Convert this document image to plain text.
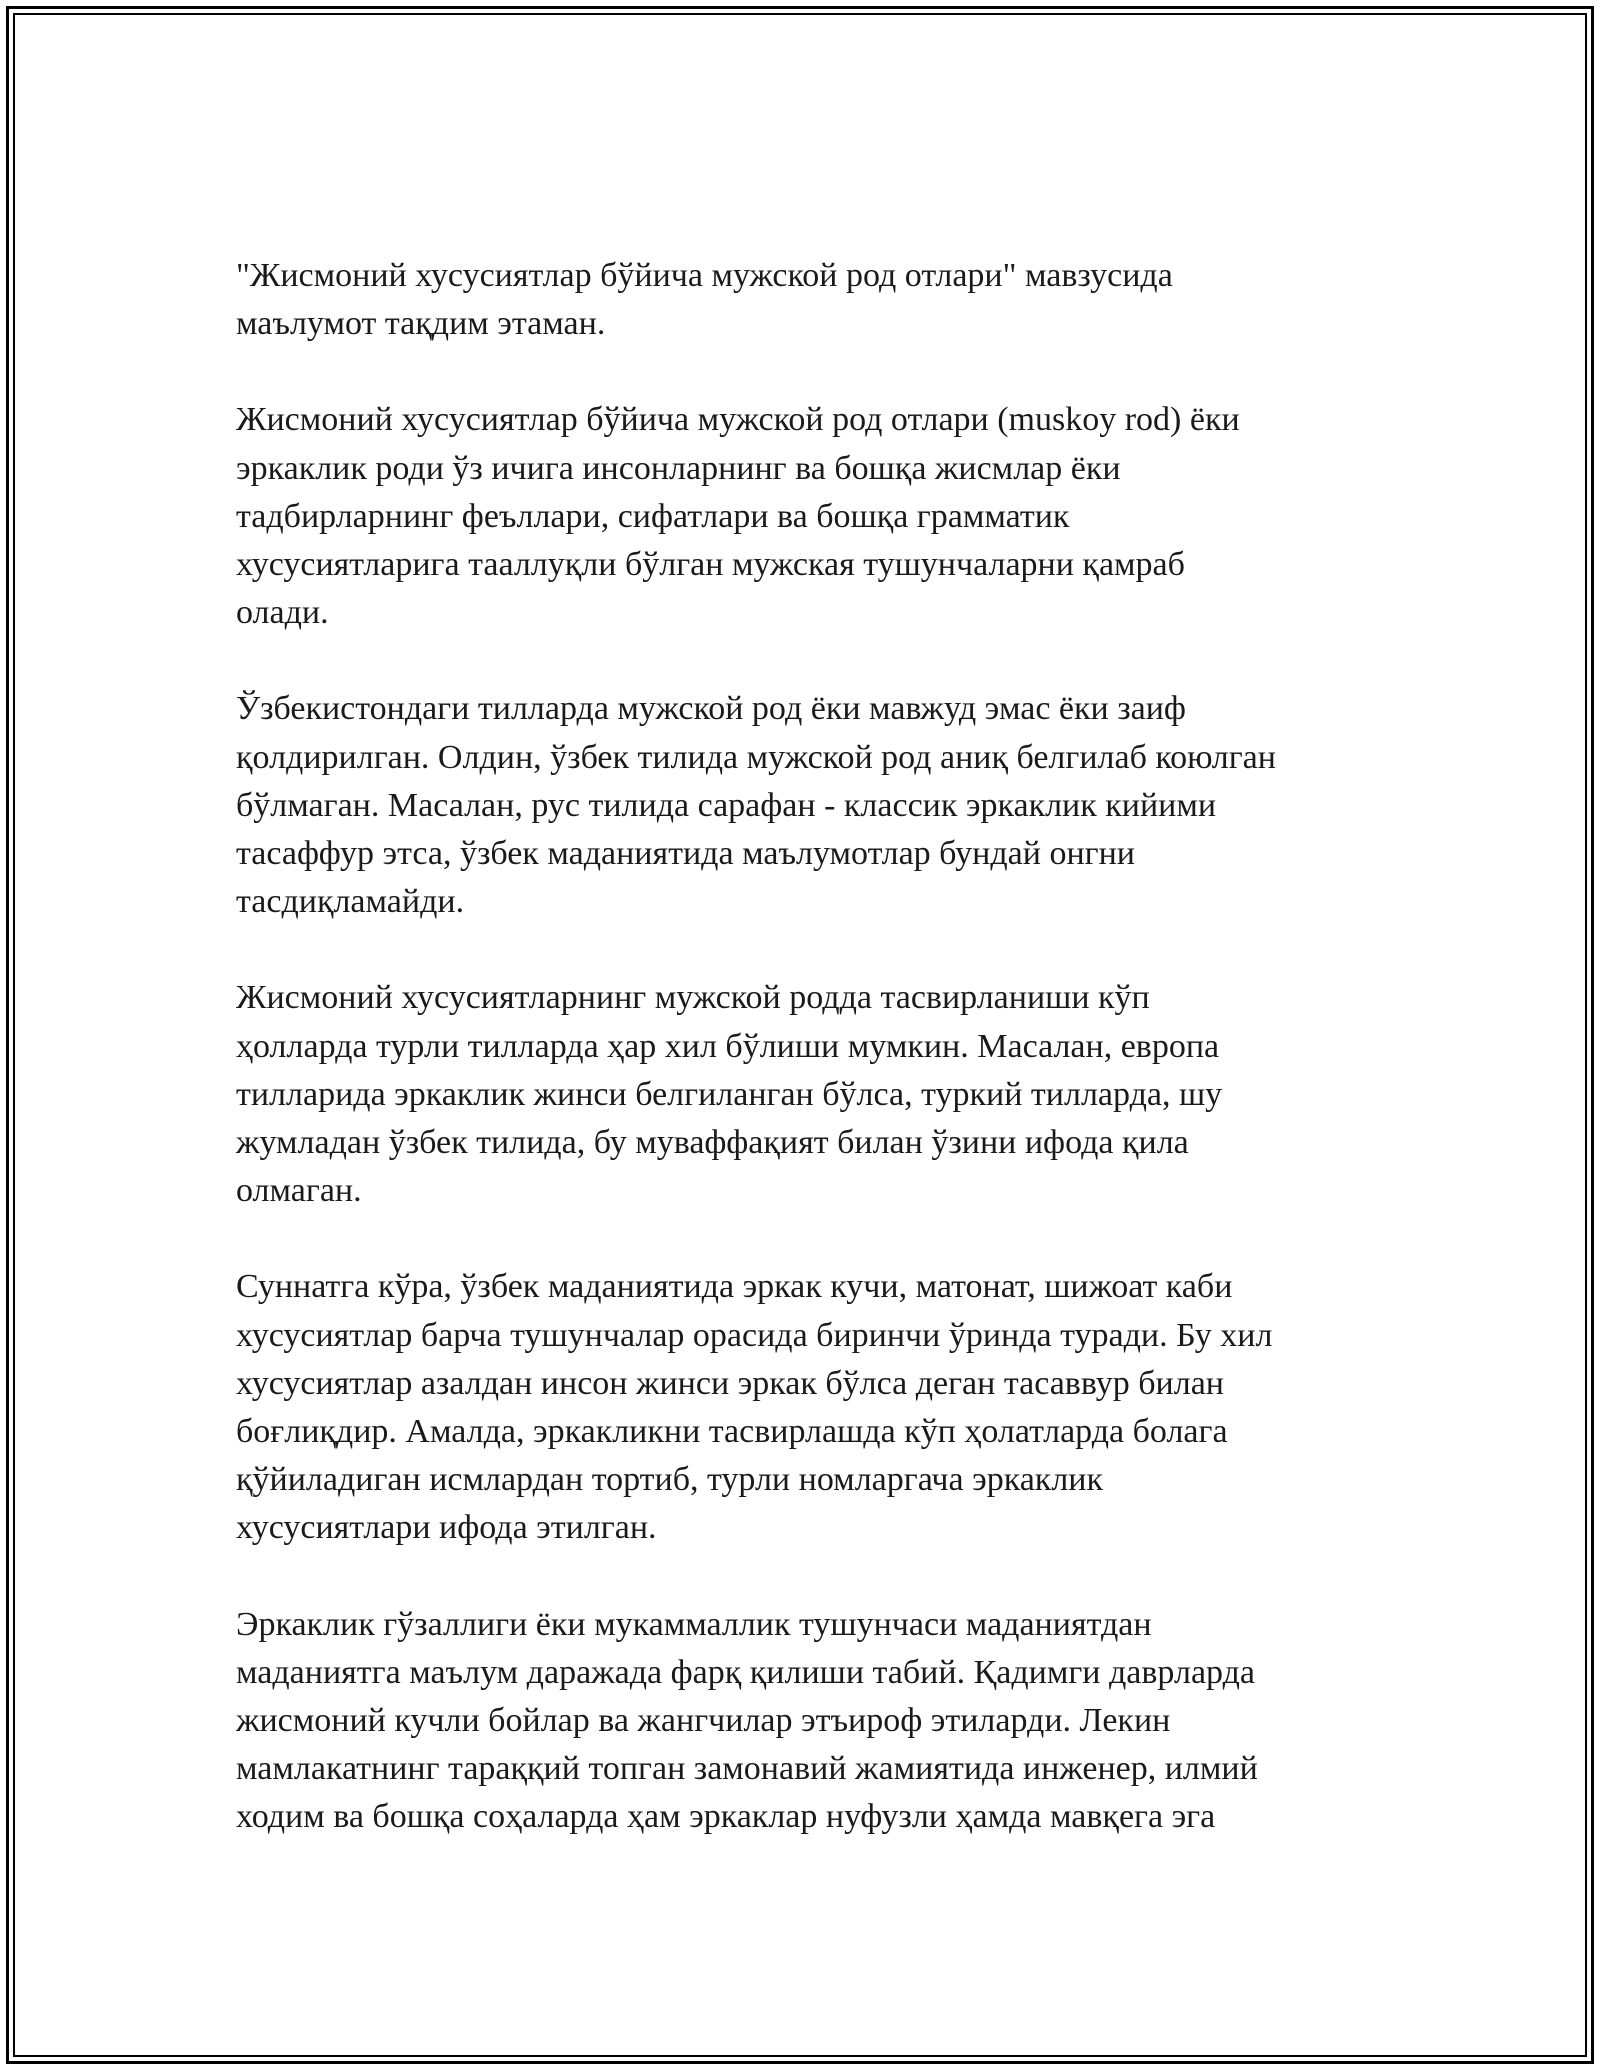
"Жисмоний хусусиятлар бўйича мужской род отлари" мавзусида
маълумот тақдим этаман.

Жисмоний хусусиятлар бўйича мужской род отлари (muskoy rod) ёки
эркаклик роди ўз ичига инсонларнинг ва бошқа жисмлар ёки
тадбирларнинг феъллари, сифатлари ва бошқа грамматик
хусусиятларига тааллуқли бўлган мужская тушунчаларни қамраб
олади.

Ўзбекистондаги тилларда мужской род ёки мавжуд эмас ёки заиф
қолдирилган. Олдин, ўзбек тилида мужской род аниқ белгилаб коюлган
бўлмаган. Масалан, рус тилида сарафан - классик эркаклик кийими
тасаффур этса, ўзбек маданиятида маълумотлар бундай онгни
тасдиқламайди.

Жисмоний хусусиятларнинг мужской родда тасвирланиши кўп
ҳолларда турли тилларда ҳар хил бўлиши мумкин. Масалан, европа
тилларида эркаклик жинси белгиланган бўлса, туркий тилларда, шу
жумладан ўзбек тилида, бу муваффақият билан ўзини ифода қила
олмаган.

Суннатга кўра, ўзбек маданиятида эркак кучи, матонат, шижоат каби
хусусиятлар барча тушунчалар орасида биринчи ўринда туради. Бу хил
хусусиятлар азалдан инсон жинси эркак бўлса деган тасаввур билан
боғлиқдир. Амалда, эркакликни тасвирлашда кўп ҳолатларда болага
қўйиладиган исмлардан тортиб, турли номларгача эркаклик
хусусиятлари ифода этилган.

Эркаклик гўзаллиги ёки мукаммаллик тушунчаси маданиятдан
маданиятга маълум даражада фарқ қилиши табий. Қадимги даврларда
жисмоний кучли бойлар ва жангчилар этъироф этиларди. Лекин
мамлакатнинг тараққий топган замонавий жамиятида инженер, илмий
ходим ва бошқа соҳаларда ҳам эркаклар нуфузли ҳамда мавқега эга
